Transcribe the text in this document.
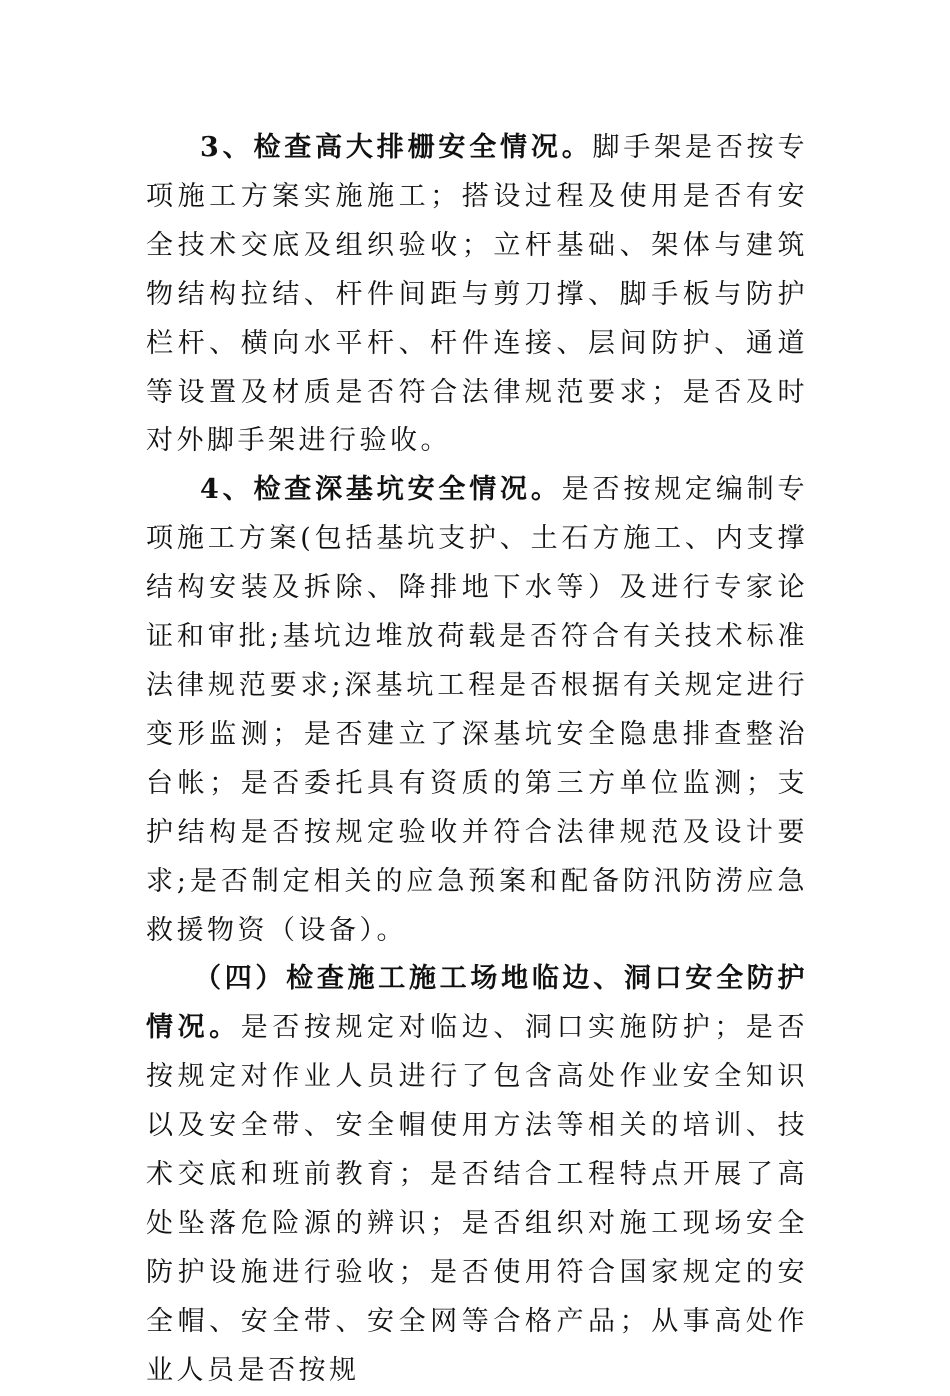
3、检查高大排栅安全情况。脚手架是否按专项施工方案实施施工；搭设过程及使用是否有安全技术交底及组织验收；立杆基础、架体与建筑物结构拉结、杆件间距与剪刀撑、脚手板与防护栏杆、横向水平杆、杆件连接、层间防护、通道等设置及材质是否符合法律规范要求；是否及时对外脚手架进行验收。

4、检查深基坑安全情况。是否按规定编制专项施工方案(包括基坑支护、土石方施工、内支撑结构安装及拆除、降排地下水等）及进行专家论证和审批;基坑边堆放荷载是否符合有关技术标准法律规范要求;深基坑工程是否根据有关规定进行变形监测；是否建立了深基坑安全隐患排查整治台帐；是否委托具有资质的第三方单位监测；支护结构是否按规定验收并符合法律规范及设计要求;是否制定相关的应急预案和配备防汛防涝应急救援物资（设备）。

（四）检查施工施工场地临边、洞口安全防护情况。是否按规定对临边、洞口实施防护；是否按规定对作业人员进行了包含高处作业安全知识以及安全带、安全帽使用方法等相关的培训、技术交底和班前教育；是否结合工程特点开展了高处坠落危险源的辨识；是否组织对施工现场安全防护设施进行验收；是否使用符合国家规定的安全帽、安全带、安全网等合格产品；从事高处作业人员是否按规
